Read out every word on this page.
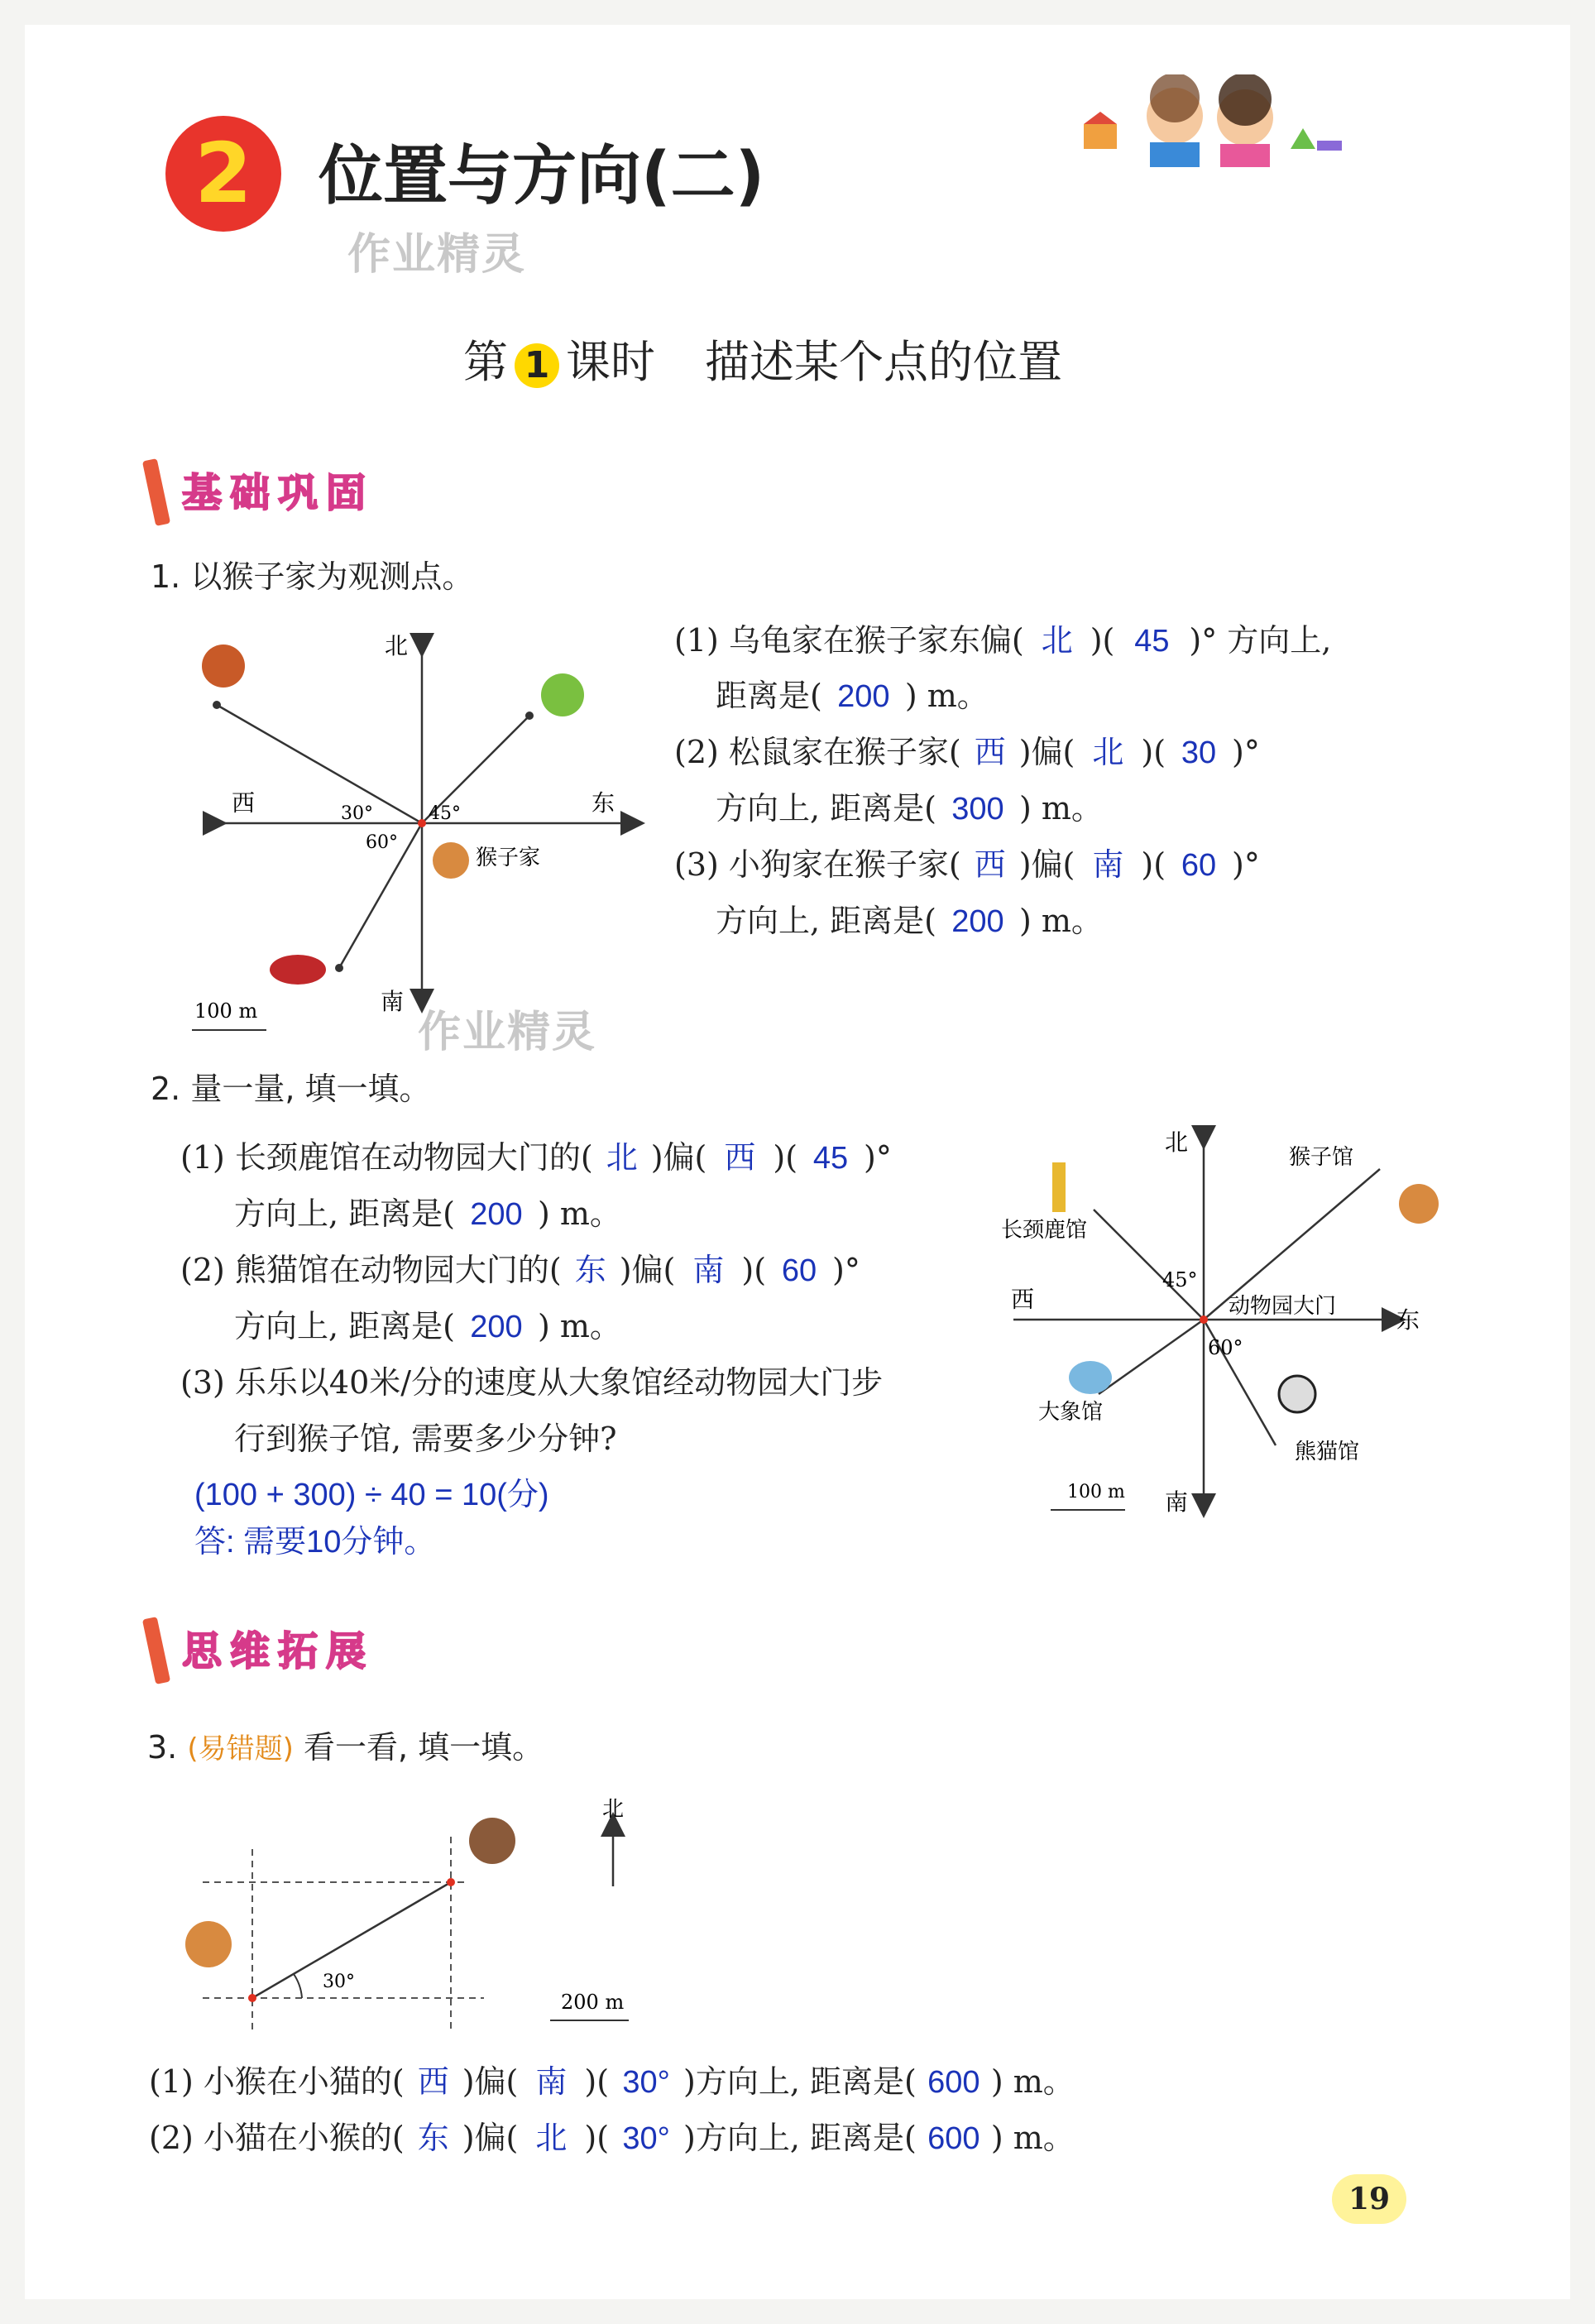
2	位置与方向(二)
作业精灵
第 1 课时 描述某个点的位置
基础巩固
1. 以猴子家为观测点。
北
南
西	东
30°	45°
60°
猴子家
100 m	作业精灵
(1) 乌龟家在猴子家东偏( 北 )( 45 )° 方向上,
距离是( 200 ) m。
(2) 松鼠家在猴子家( 西 )偏( 北 )( 30 )°
方向上, 距离是( 300 ) m。
(3) 小狗家在猴子家( 西 )偏( 南 )( 60 )°
方向上, 距离是( 200 ) m。
2. 量一量, 填一填。
(1) 长颈鹿馆在动物园大门的( 北 )偏( 西 )( 45 )°
方向上, 距离是( 200 ) m。
(2) 熊猫馆在动物园大门的( 东 )偏( 南 )( 60 )°
方向上, 距离是( 200 ) m。
(3) 乐乐以40米/分的速度从大象馆经动物园大门步
行到猴子馆, 需要多少分钟?
(100 + 300) ÷ 40 = 10(分)
答: 需要10分钟。
北
南
西
东
猴子馆
长颈鹿馆
动物园大门
大象馆
熊猫馆
45°
60°
100 m
思维拓展
3. (易错题) 看一看, 填一填。
30°
北
200 m
(1) 小猴在小猫的( 西 )偏( 南 )( 30° )方向上, 距离是( 600 ) m。
(2) 小猫在小猴的( 东 )偏( 北 )( 30° )方向上, 距离是( 600 ) m。
19
